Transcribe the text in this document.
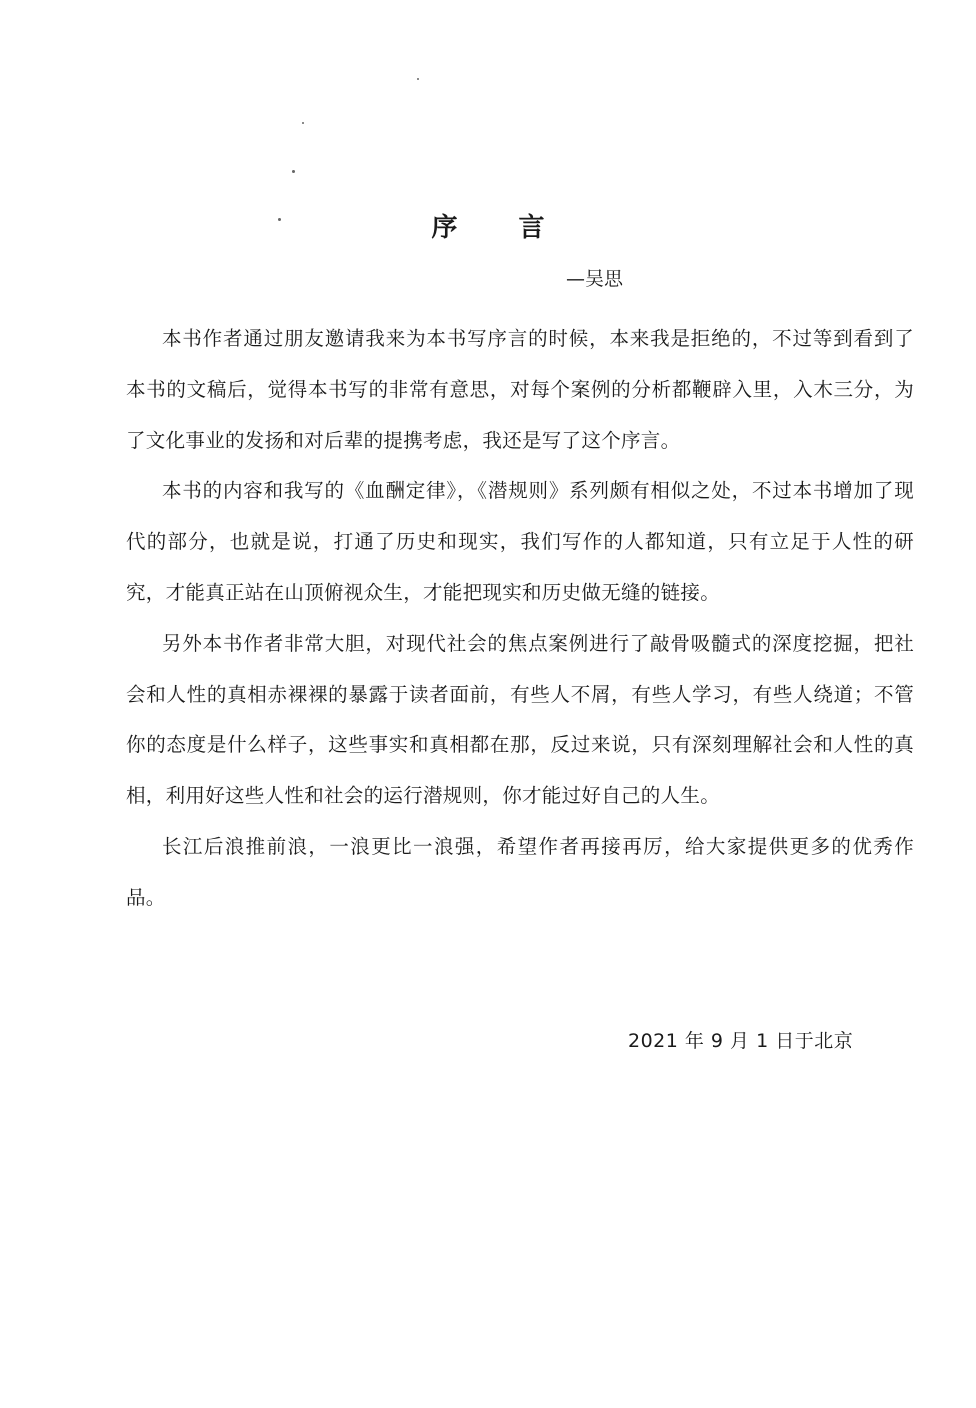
序 言

—吴思

本书作者通过朋友邀请我来为本书写序言的时候，本来我是拒绝的，不过等到看到了本书的文稿后，觉得本书写的非常有意思，对每个案例的分析都鞭辟入里，入木三分，为了文化事业的发扬和对后辈的提携考虑，我还是写了这个序言。

本书的内容和我写的《血酬定律》，《潜规则》系列颇有相似之处，不过本书增加了现代的部分，也就是说，打通了历史和现实，我们写作的人都知道，只有立足于人性的研究，才能真正站在山顶俯视众生，才能把现实和历史做无缝的链接。

另外本书作者非常大胆，对现代社会的焦点案例进行了敲骨吸髓式的深度挖掘，把社会和人性的真相赤裸裸的暴露于读者面前，有些人不屑，有些人学习，有些人绕道；不管你的态度是什么样子，这些事实和真相都在那，反过来说，只有深刻理解社会和人性的真相，利用好这些人性和社会的运行潜规则，你才能过好自己的人生。

长江后浪推前浪，一浪更比一浪强，希望作者再接再厉，给大家提供更多的优秀作品。

2021 年 9 月 1 日于北京
